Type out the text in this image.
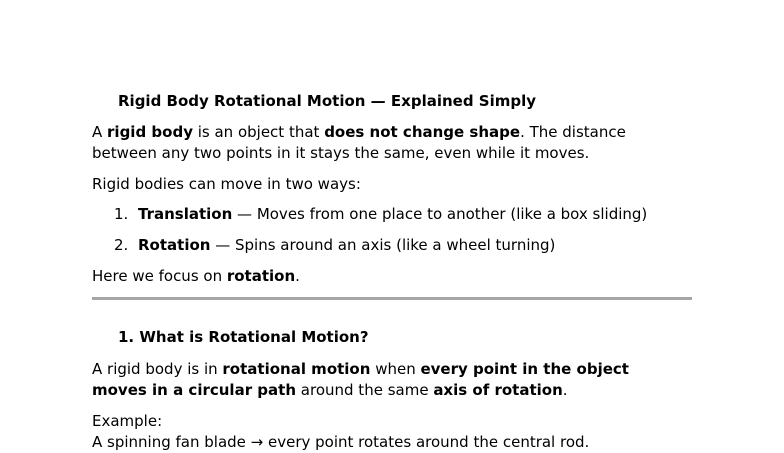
Rigid Body Rotational Motion — Explained Simply
A rigid body is an object that does not change shape. The distance
between any two points in it stays the same, even while it moves.
Rigid bodies can move in two ways:
1. Translation — Moves from one place to another (like a box sliding)
2. Rotation — Spins around an axis (like a wheel turning)
Here we focus on rotation.
1. What is Rotational Motion?
A rigid body is in rotational motion when every point in the object
moves in a circular path around the same axis of rotation.
Example:
A spinning fan blade → every point rotates around the central rod.
